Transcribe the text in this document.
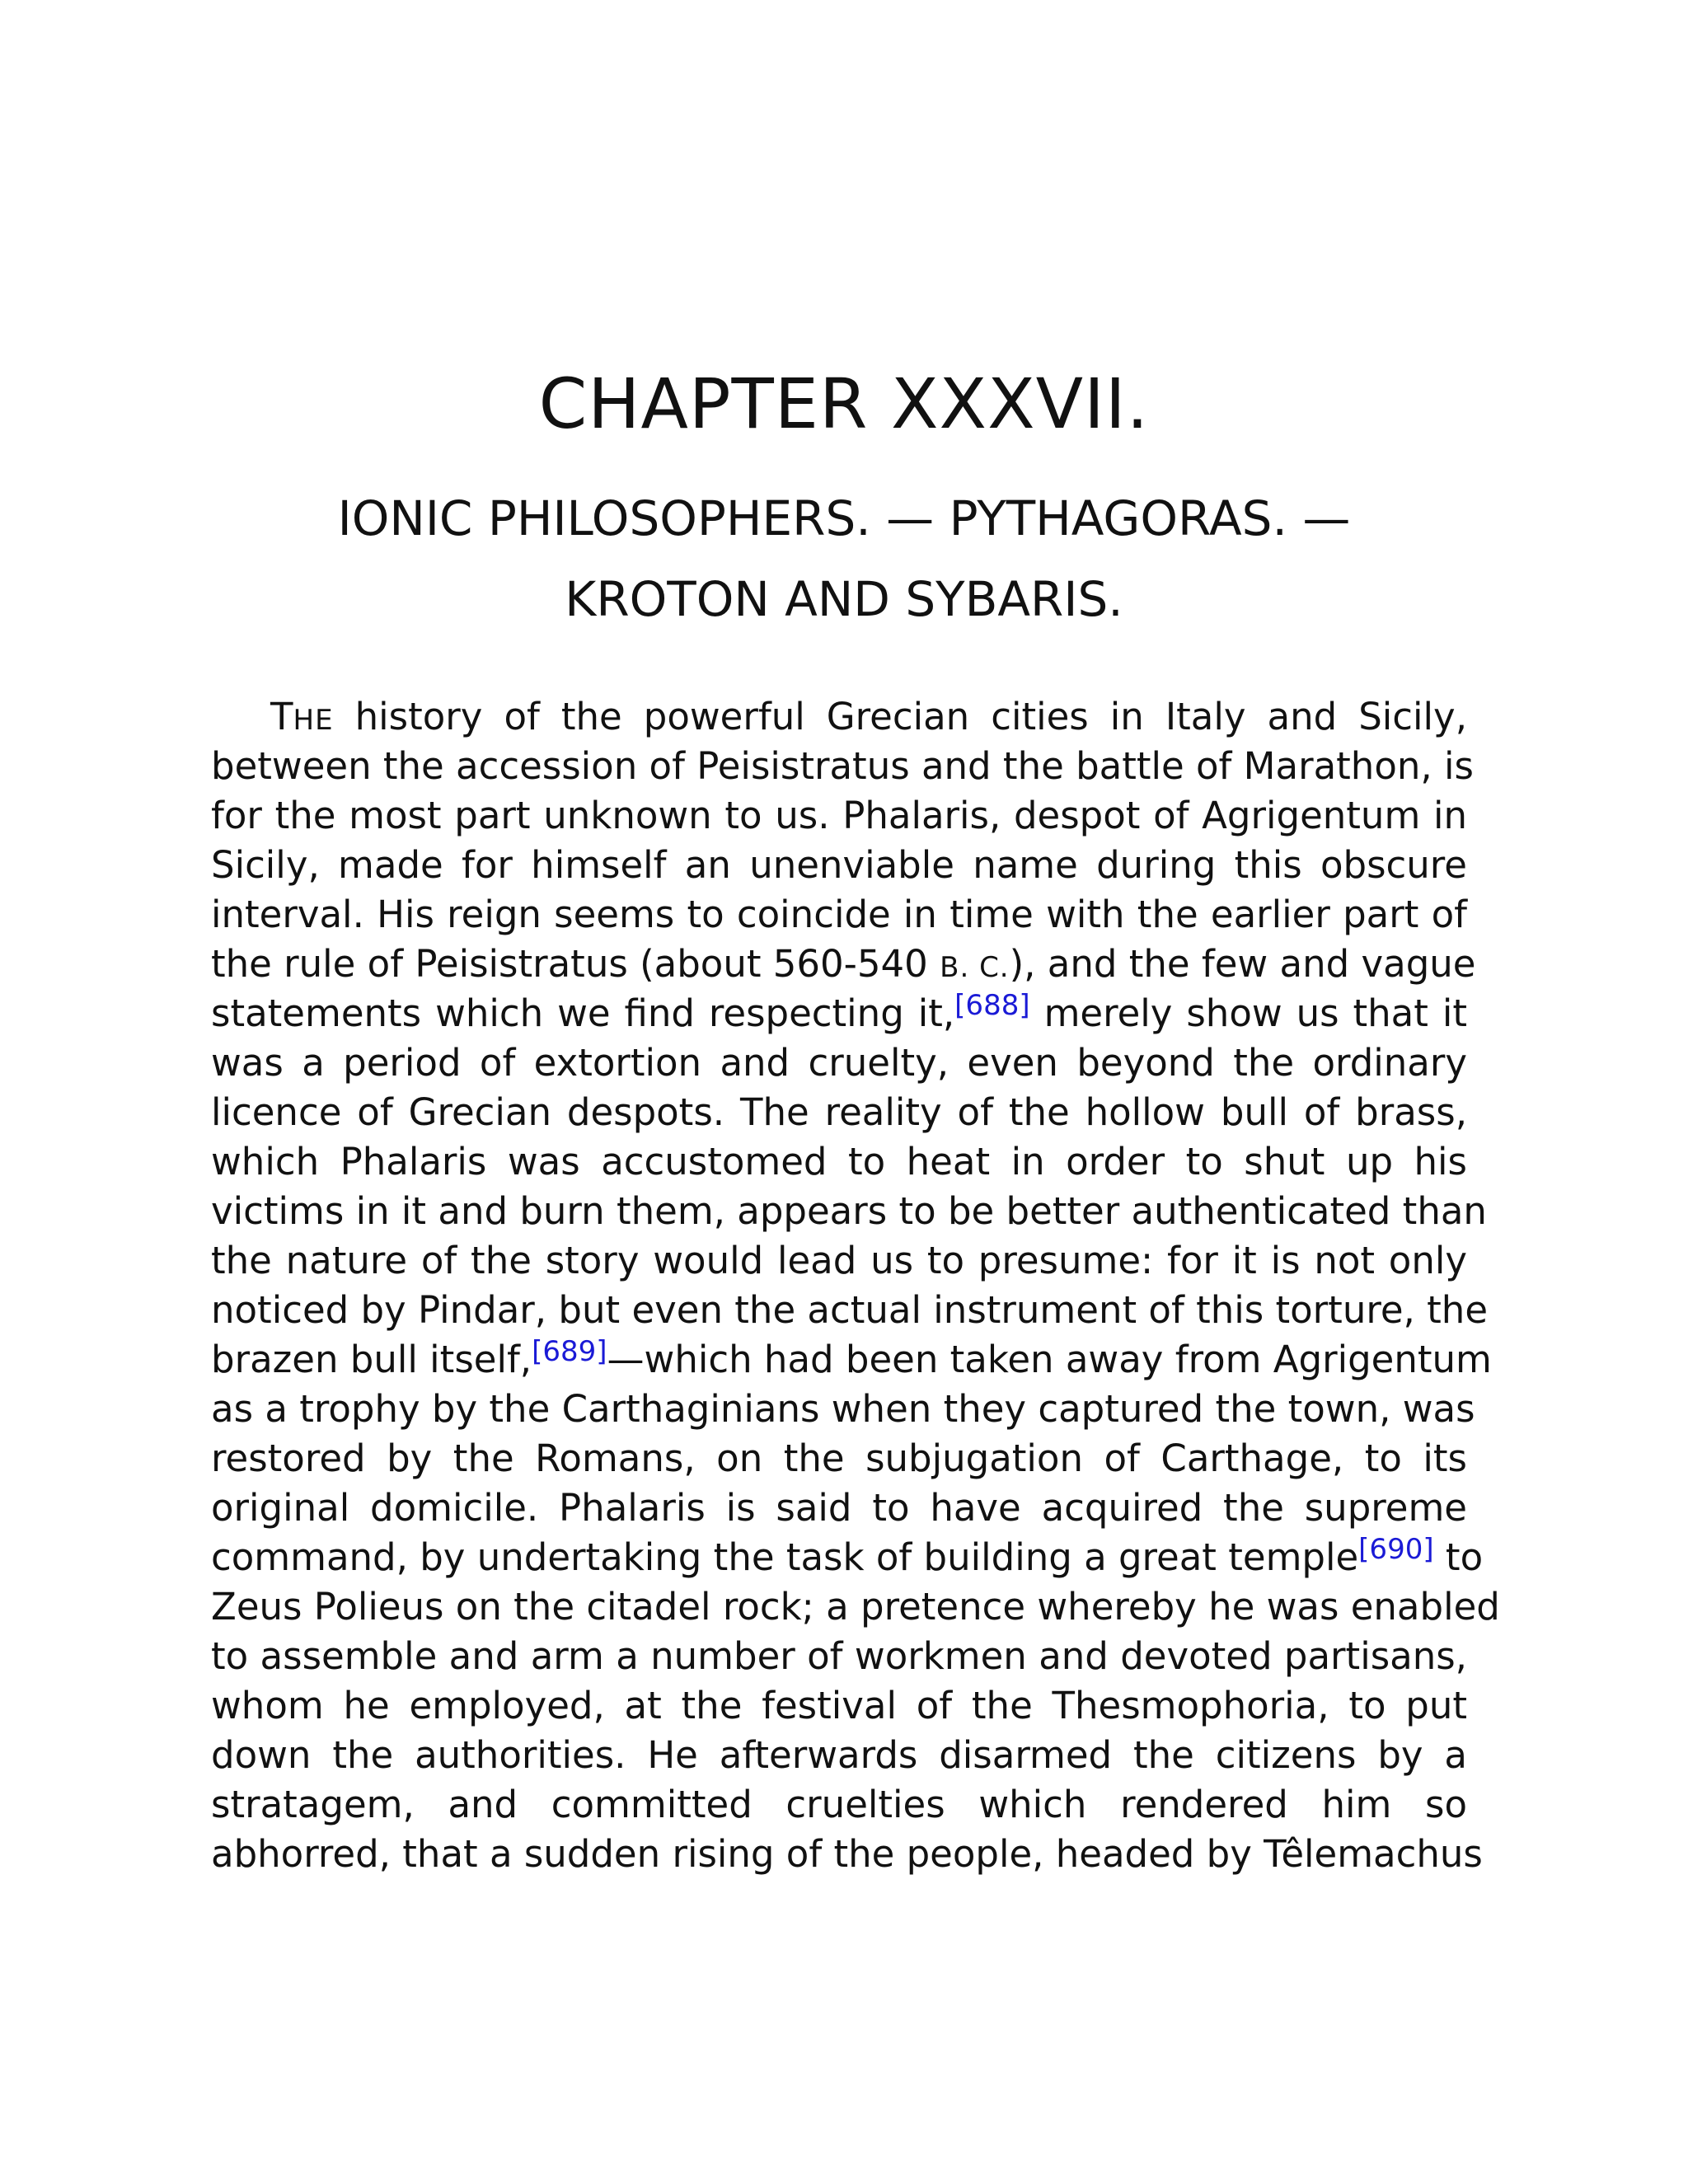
CHAPTER XXXVII.
IONIC PHILOSOPHERS. — PYTHAGORAS. —
KROTON AND SYBARIS.
THE history of the powerful Grecian cities in Italy and Sicily,
between the accession of Peisistratus and the battle of Marathon, is
for the most part unknown to us. Phalaris, despot of Agrigentum in
Sicily, made for himself an unenviable name during this obscure
interval. His reign seems to coincide in time with the earlier part of
the rule of Peisistratus (about 560-540 B. C.), and the few and vague
statements which we find respecting it,[688] merely show us that it
was a period of extortion and cruelty, even beyond the ordinary
licence of Grecian despots. The reality of the hollow bull of brass,
which Phalaris was accustomed to heat in order to shut up his
victims in it and burn them, appears to be better authenticated than
the nature of the story would lead us to presume: for it is not only
noticed by Pindar, but even the actual instrument of this torture, the
brazen bull itself,[689]—which had been taken away from Agrigentum
as a trophy by the Carthaginians when they captured the town, was
restored by the Romans, on the subjugation of Carthage, to its
original domicile. Phalaris is said to have acquired the supreme
command, by undertaking the task of building a great temple[690] to
Zeus Polieus on the citadel rock; a pretence whereby he was enabled
to assemble and arm a number of workmen and devoted partisans,
whom he employed, at the festival of the Thesmophoria, to put
down the authorities. He afterwards disarmed the citizens by a
stratagem, and committed cruelties which rendered him so
abhorred, that a sudden rising of the people, headed by Têlemachus
